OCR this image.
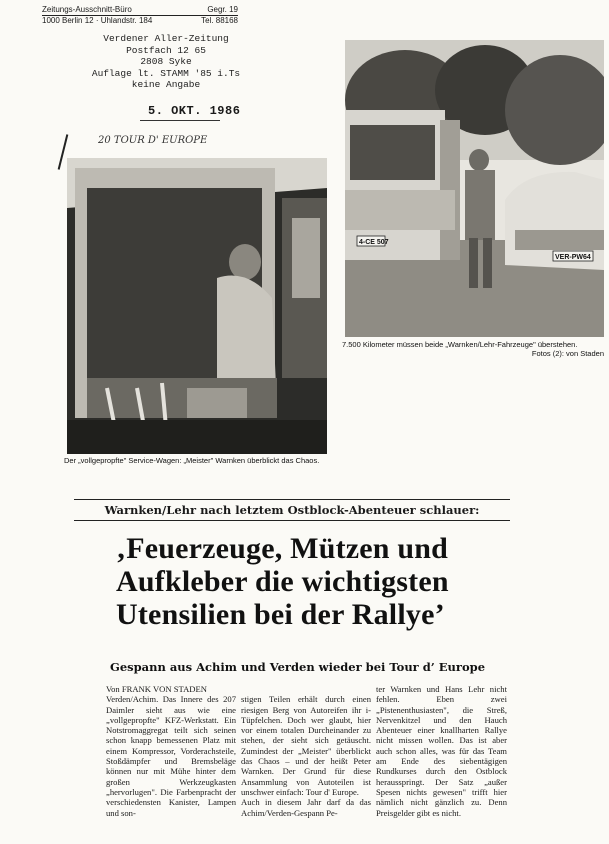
Zeitungs-Ausschnitt-Büro	Gegr. 19
1000 Berlin 12 · Uhlandstr. 184	Tel. 88168
Verdener Aller-Zeitung
Postfach 12 65
2808 Syke
Auflage lt. STAMM '85 i.Ts
keine Angabe
5. OKT. 1986
20 TOUR D' EUROPE
Der „vollgepropfte" Service-Wagen: „Meister" Warnken überblickt das Chaos.
4-CE 507
VER-PW64
7.500 Kilometer müssen beide „Warnken/Lehr-Fahrzeuge" überstehen.
Fotos (2): von Staden
Warnken/Lehr nach letztem Ostblock-Abenteuer schlauer:
‚Feuerzeuge, Mützen und
Aufkleber die wichtigsten
Utensilien bei der Rallye’
Gespann aus Achim und Verden wieder bei Tour d’ Europe

Von FRANK VON STADEN

Verden/Achim. Das Innere des 207 Daimler sieht aus wie eine „vollgepropfte" KFZ-Werkstatt. Ein Notstromaggregat teilt sich seinen schon knapp bemessenen Platz mit einem Kompressor, Vorderachsteile, Stoßdämpfer und Bremsbeläge können nur mit Mühe hinter dem großen Werkzeugkasten „hervorlugen". Die Farbenpracht der verschiedensten Kanister, Lampen und son-

stigen Teilen erhält durch einen riesigen Berg von Autoreifen ihr i-Tüpfelchen. Doch wer glaubt, hier vor einem totalen Durcheinander zu stehen, der sieht sich getäuscht. Zumindest der „Meister" überblickt das Chaos – und der heißt Peter Warnken. Der Grund für diese Ansammlung von Autoteilen ist unschwer einfach: Tour d' Europe.
Auch in diesem Jahr darf da das Achim/Verden-Gespann Pe-

ter Warnken und Hans Lehr nicht fehlen. Eben zwei „Pistenenthusiasten", die Streß, Nervenkitzel und den Hauch Abenteuer einer knallharten Rallye nicht missen wollen. Das ist aber auch schon alles, was für das Team am Ende des siebentägigen Rundkurses durch den Ostblock herausspringt. Der Satz „außer Spesen nichts gewesen" trifft hier nämlich nicht gänzlich zu. Denn Preisgelder gibt es nicht.
